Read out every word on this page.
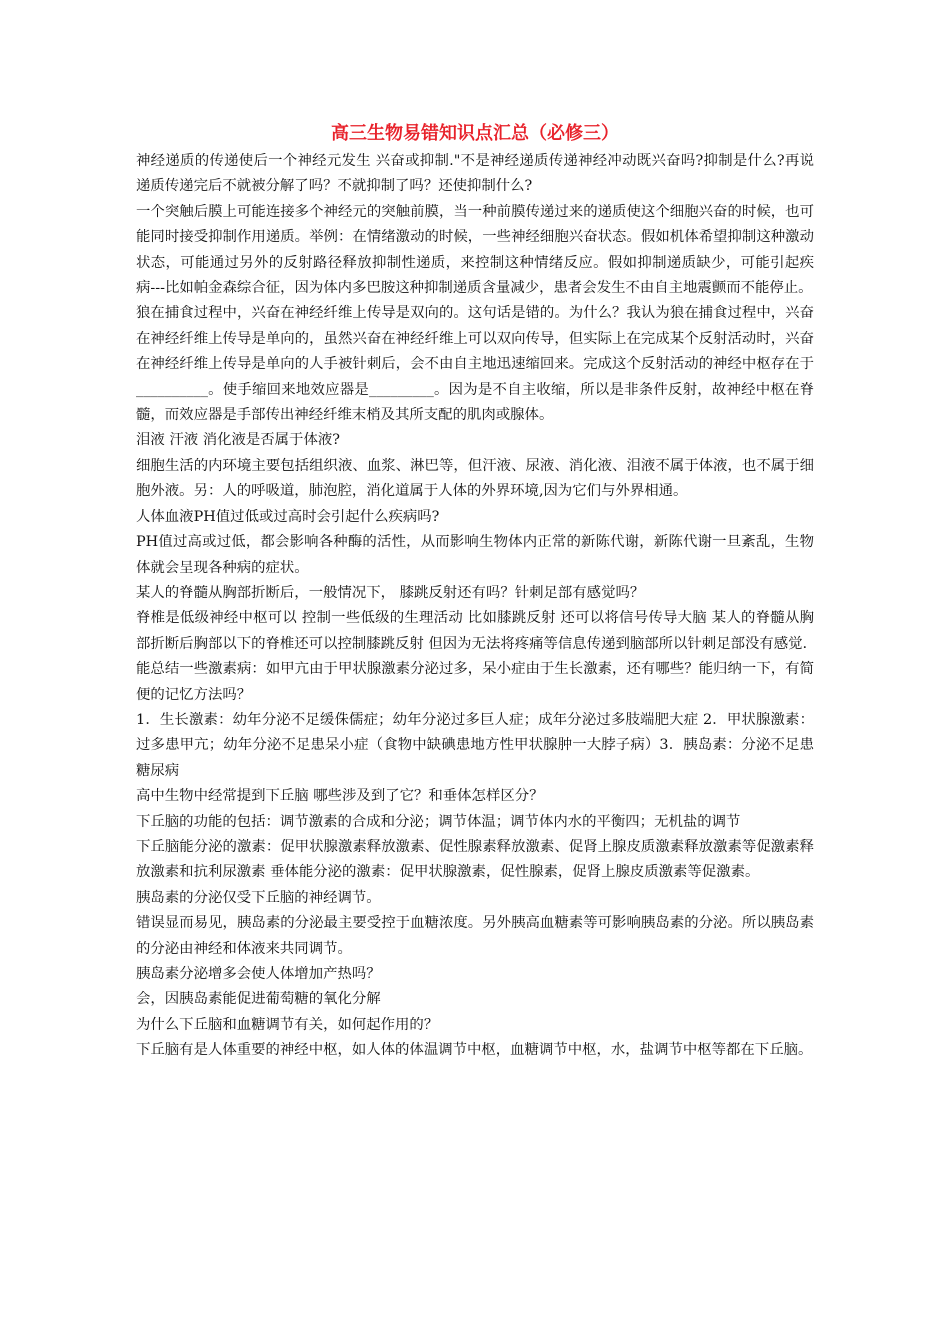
高三生物易错知识点汇总（必修三）

神经递质的传递使后一个神经元发生 兴奋或抑制."不是神经递质传递神经冲动既兴奋吗?抑制是什么?再说递质传递完后不就被分解了吗？不就抑制了吗？还使抑制什么?

一个突触后膜上可能连接多个神经元的突触前膜，当一种前膜传递过来的递质使这个细胞兴奋的时候，也可能同时接受抑制作用递质。举例：在情绪激动的时候，一些神经细胞兴奋状态。假如机体希望抑制这种激动状态，可能通过另外的反射路径释放抑制性递质，来控制这种情绪反应。假如抑制递质缺少，可能引起疾病---比如帕金森综合征，因为体内多巴胺这种抑制递质含量减少，患者会发生不由自主地震颤而不能停止。

狼在捕食过程中，兴奋在神经纤维上传导是双向的。这句话是错的。为什么？我认为狼在捕食过程中，兴奋在神经纤维上传导是单向的，虽然兴奋在神经纤维上可以双向传导，但实际上在完成某个反射活动时，兴奋在神经纤维上传导是单向的人手被针刺后，会不由自主地迅速缩回来。完成这个反射活动的神经中枢存在于__________。使手缩回来地效应器是_________。因为是不自主收缩，所以是非条件反射，故神经中枢在脊髓，而效应器是手部传出神经纤维末梢及其所支配的肌肉或腺体。

泪液 汗液 消化液是否属于体液?

细胞生活的内环境主要包括组织液、血浆、淋巴等，但汗液、尿液、消化液、泪液不属于体液，也不属于细胞外液。另：人的呼吸道，肺泡腔，消化道属于人体的外界环境,因为它们与外界相通。

人体血液PH值过低或过高时会引起什么疾病吗?

PH值过高或过低，都会影响各种酶的活性，从而影响生物体内正常的新陈代谢，新陈代谢一旦紊乱，生物体就会呈现各种病的症状。

某人的脊髓从胸部折断后，一般情况下， 膝跳反射还有吗？针刺足部有感觉吗？

脊椎是低级神经中枢可以 控制一些低级的生理活动 比如膝跳反射 还可以将信号传导大脑 某人的脊髓从胸部折断后胸部以下的脊椎还可以控制膝跳反射 但因为无法将疼痛等信息传递到脑部所以针刺足部没有感觉.

能总结一些激素病：如甲亢由于甲状腺激素分泌过多，呆小症由于生长激素，还有哪些？能归纳一下，有简便的记忆方法吗？

1．生长激素：幼年分泌不足缓侏儒症；幼年分泌过多巨人症；成年分泌过多肢端肥大症 2．甲状腺激素：过多患甲亢；幼年分泌不足患呆小症（食物中缺碘患地方性甲状腺肿一大脖子病）3．胰岛素：分泌不足患糖尿病

高中生物中经常提到下丘脑 哪些涉及到了它？和垂体怎样区分？

下丘脑的功能的包括：调节激素的合成和分泌；调节体温；调节体内水的平衡四；无机盐的调节

下丘脑能分泌的激素：促甲状腺激素释放激素、促性腺素释放激素、促肾上腺皮质激素释放激素等促激素释放激素和抗利尿激素 垂体能分泌的激素：促甲状腺激素，促性腺素，促肾上腺皮质激素等促激素。

胰岛素的分泌仅受下丘脑的神经调节。

错误显而易见，胰岛素的分泌最主要受控于血糖浓度。另外胰高血糖素等可影响胰岛素的分泌。所以胰岛素的分泌由神经和体液来共同调节。

胰岛素分泌增多会使人体增加产热吗？

会，因胰岛素能促进葡萄糖的氧化分解

为什么下丘脑和血糖调节有关，如何起作用的？

下丘脑有是人体重要的神经中枢，如人体的体温调节中枢，血糖调节中枢，水，盐调节中枢等都在下丘脑。
